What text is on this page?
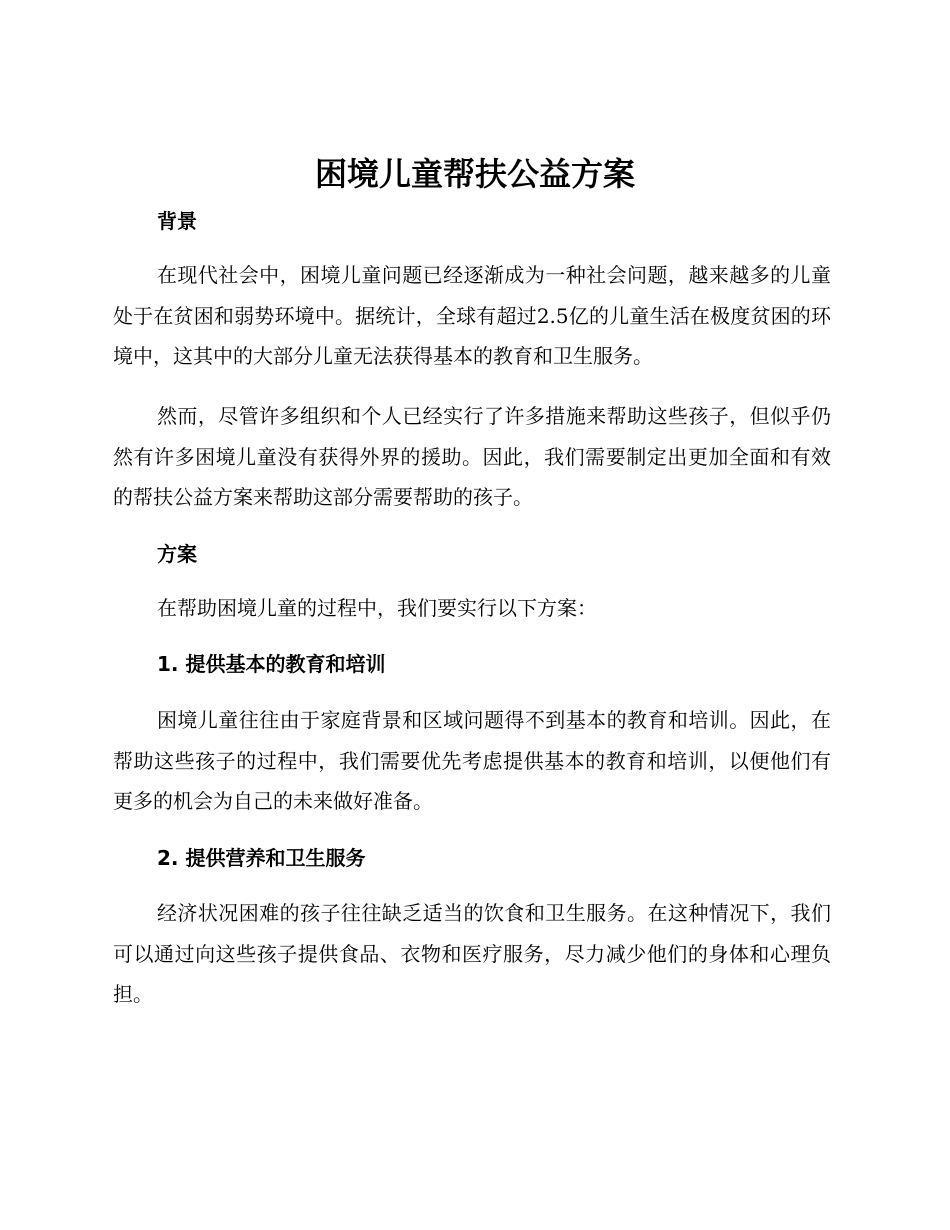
困境儿童帮扶公益方案
背景

在现代社会中，困境儿童问题已经逐渐成为一种社会问题，越来越多的儿童处于在贫困和弱势环境中。据统计，全球有超过2.5亿的儿童生活在极度贫困的环境中，这其中的大部分儿童无法获得基本的教育和卫生服务。

然而，尽管许多组织和个人已经实行了许多措施来帮助这些孩子，但似乎仍然有许多困境儿童没有获得外界的援助。因此，我们需要制定出更加全面和有效的帮扶公益方案来帮助这部分需要帮助的孩子。

方案

在帮助困境儿童的过程中，我们要实行以下方案：

1. 提供基本的教育和培训

困境儿童往往由于家庭背景和区域问题得不到基本的教育和培训。因此，在帮助这些孩子的过程中，我们需要优先考虑提供基本的教育和培训，以便他们有更多的机会为自己的未来做好准备。

2. 提供营养和卫生服务

经济状况困难的孩子往往缺乏适当的饮食和卫生服务。在这种情况下，我们可以通过向这些孩子提供食品、衣物和医疗服务，尽力减少他们的身体和心理负担。
